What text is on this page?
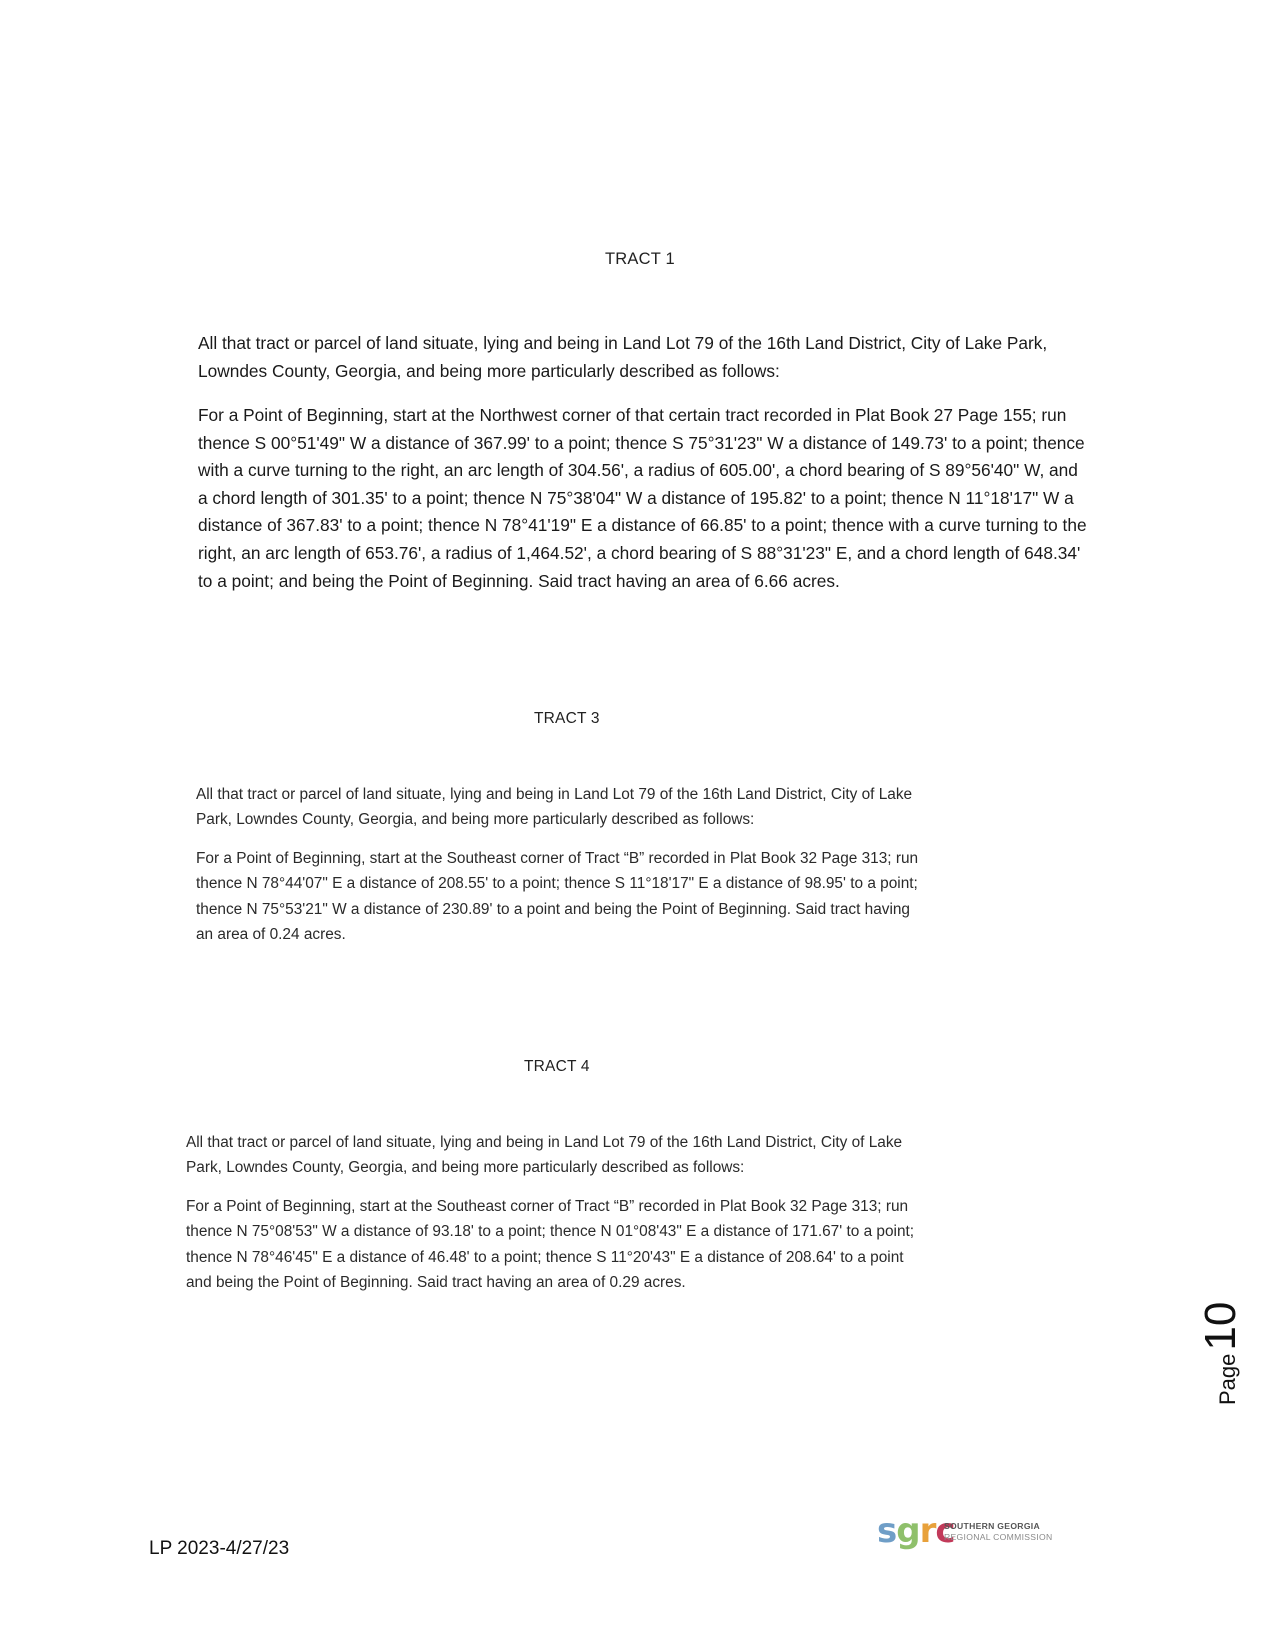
TRACT 1

All that tract or parcel of land situate, lying and being in Land Lot 79 of the 16th Land District, City of Lake Park, Lowndes County, Georgia, and being more particularly described as follows:

For a Point of Beginning, start at the Northwest corner of that certain tract recorded in Plat Book 27 Page 155; run thence S 00°51'49" W a distance of 367.99' to a point; thence S 75°31'23" W a distance of 149.73' to a point; thence with a curve turning to the right, an arc length of 304.56', a radius of 605.00', a chord bearing of S 89°56'40" W, and a chord length of 301.35' to a point; thence N 75°38'04" W a distance of 195.82' to a point; thence N 11°18'17" W a distance of 367.83' to a point; thence N 78°41'19" E a distance of 66.85' to a point; thence with a curve turning to the right, an arc length of 653.76', a radius of 1,464.52', a chord bearing of S 88°31'23" E, and a chord length of 648.34' to a point; and being the Point of Beginning. Said tract having an area of 6.66 acres.

TRACT 3

All that tract or parcel of land situate, lying and being in Land Lot 79 of the 16th Land District, City of Lake Park, Lowndes County, Georgia, and being more particularly described as follows:

For a Point of Beginning, start at the Southeast corner of Tract “B” recorded in Plat Book 32 Page 313; run thence N 78°44'07" E a distance of 208.55' to a point; thence S 11°18'17" E a distance of 98.95' to a point; thence N 75°53'21" W a distance of 230.89' to a point and being the Point of Beginning. Said tract having an area of 0.24 acres.

TRACT 4

All that tract or parcel of land situate, lying and being in Land Lot 79 of the 16th Land District, City of Lake Park, Lowndes County, Georgia, and being more particularly described as follows:

For a Point of Beginning, start at the Southeast corner of Tract “B” recorded in Plat Book 32 Page 313; run thence N 75°08'53" W a distance of 93.18' to a point; thence N 01°08'43" E a distance of 171.67' to a point; thence N 78°46'45" E a distance of 46.48' to a point; thence S 11°20'43" E a distance of 208.64' to a point and being the Point of Beginning. Said tract having an area of 0.29 acres.

Page10
sgrc
SOUTHERN GEORGIA
REGIONAL COMMISSION
LP 2023-4/27/23
